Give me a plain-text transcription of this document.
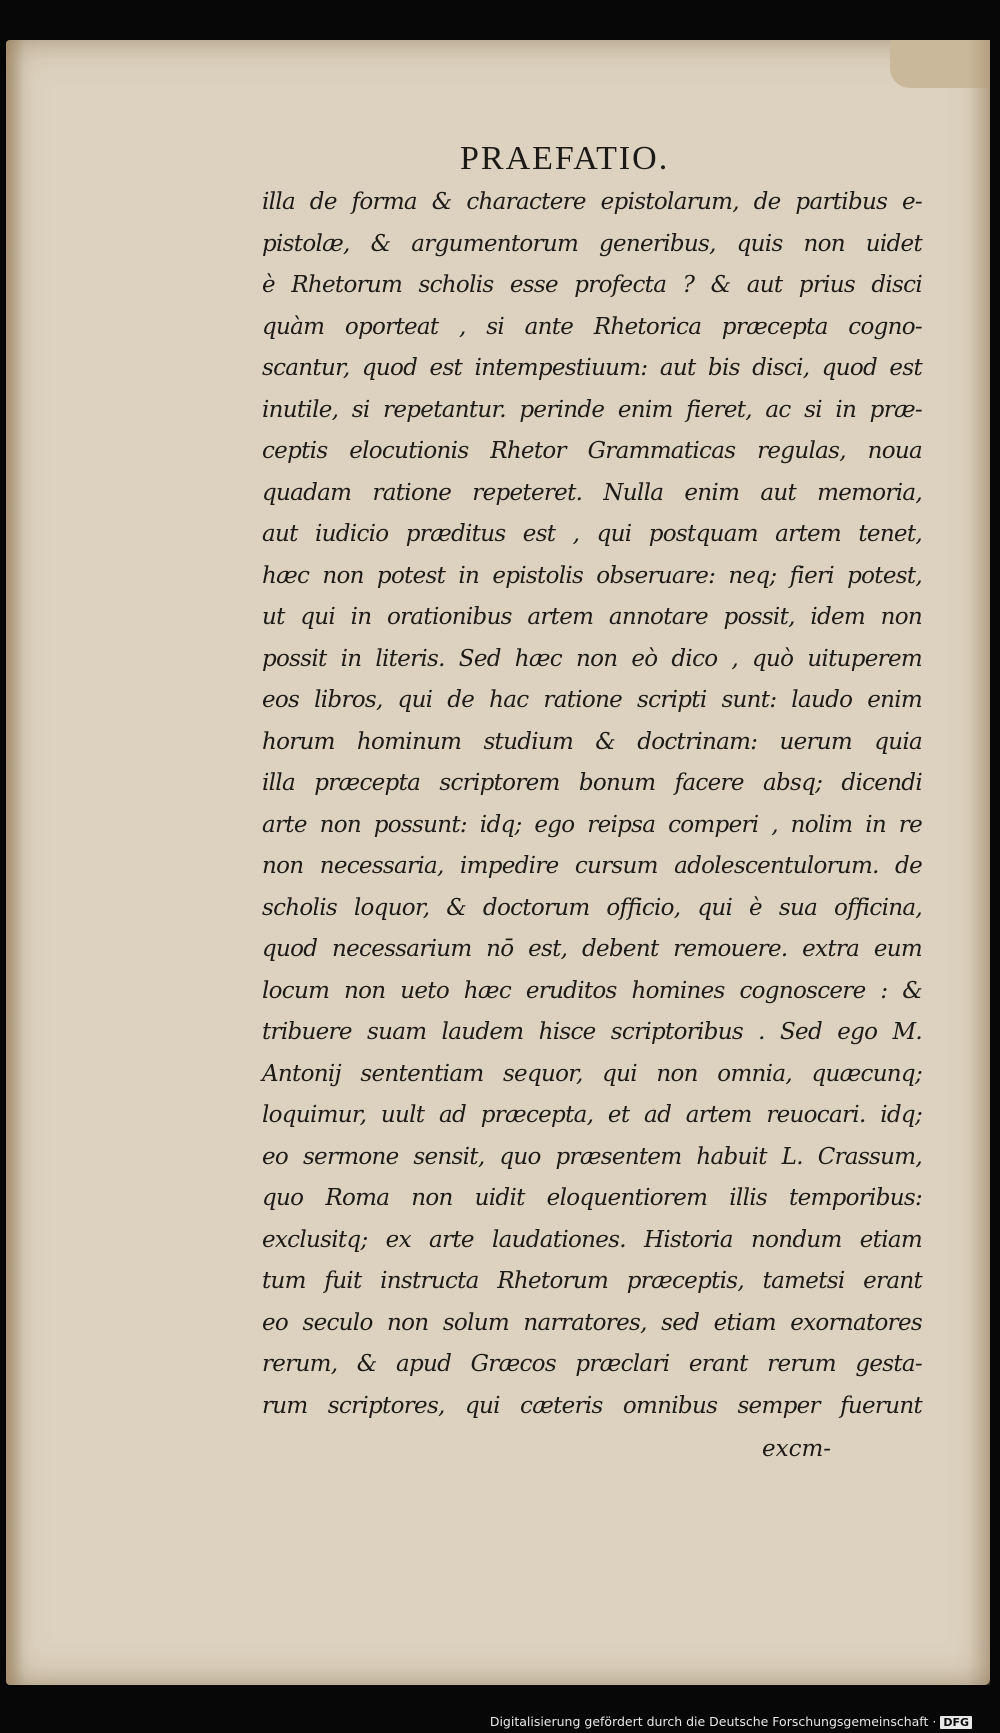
PRAEFATIO.
illa de forma & charactere epistolarum, de partibus e-
pistolæ, & argumentorum generibus, quis non uidet
è Rhetorum scholis esse profecta ? & aut prius disci
quàm oporteat , si ante Rhetorica præcepta cogno-
scantur, quod est intempestiuum: aut bis disci, quod est
inutile, si repetantur. perinde enim fieret, ac si in præ-
ceptis elocutionis Rhetor Grammaticas regulas, noua
quadam ratione repeteret. Nulla enim aut memoria,
aut iudicio præditus est , qui postquam artem tenet,
hæc non potest in epistolis obseruare: neq; fieri potest,
ut qui in orationibus artem annotare possit, idem non
possit in literis. Sed hæc non eò dico , quò uituperem
eos libros, qui de hac ratione scripti sunt: laudo enim
horum hominum studium & doctrinam: uerum quia
illa præcepta scriptorem bonum facere absq; dicendi
arte non possunt: idq; ego reipsa comperi , nolim in re
non necessaria, impedire cursum adolescentulorum. de
scholis loquor, & doctorum officio, qui è sua officina,
quod necessarium nō est, debent remouere. extra eum
locum non ueto hæc eruditos homines cognoscere : &
tribuere suam laudem hisce scriptoribus . Sed ego M.
Antonij sententiam sequor, qui non omnia, quæcunq;
loquimur, uult ad præcepta, et ad artem reuocari. idq;
eo sermone sensit, quo præsentem habuit L. Crassum,
quo Roma non uidit eloquentiorem illis temporibus:
exclusitq; ex arte laudationes. Historia nondum etiam
tum fuit instructa Rhetorum præceptis, tametsi erant
eo seculo non solum narratores, sed etiam exornatores
rerum, & apud Græcos præclari erant rerum gesta-
rum scriptores, qui cæteris omnibus semper fuerunt

excm-

Digitalisierung gefördert durch die Deutsche Forschungsgemeinschaft · DFG
